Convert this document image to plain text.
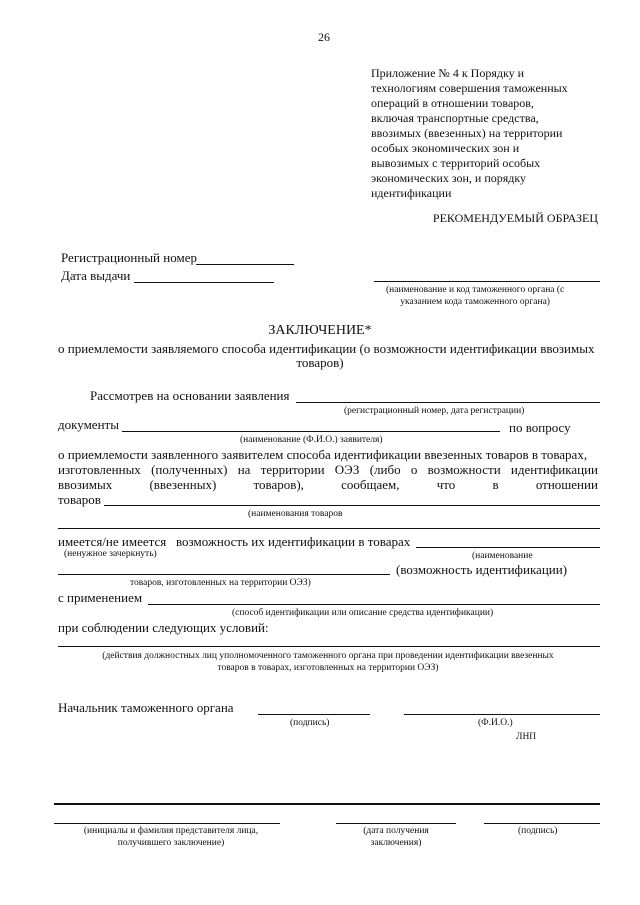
26
Приложение № 4 к Порядку и
технологиям совершения таможенных
операций в отношении товаров,
включая транспортные средства,
ввозимых (ввезенных) на территории
особых экономических зон и
вывозимых с территорий особых
экономических зон, и порядку
идентификации
РЕКОМЕНДУЕМЫЙ ОБРАЗЕЦ
Регистрационный номер
Дата выдачи
(наименование и код таможенного органа (с
указанием кода таможенного органа)
ЗАКЛЮЧЕНИЕ*
о приемлемости заявляемого способа идентификации (о возможности идентификации ввозимых
товаров)
Рассмотрев на основании заявления
(регистрационный номер, дата регистрации)
документы	по вопросу
(наименование (Ф.И.О.) заявителя)
о приемлемости заявленного заявителем способа идентификации ввезенных товаров в товарах,
изготовленных (полученных) на территории ОЭЗ (либо о возможности идентификации
ввозимых	(ввезенных)	товаров),	сообщаем,	что	в	отношении
товаров
(наименования товаров
имеется/не имеется возможность их идентификации в товарах
(ненужное зачеркнуть)	(наименование
(возможность идентификации)
товаров, изготовленных на территории ОЭЗ)
с применением
(способ идентификации или описание средства идентификации)
при соблюдении следующих условий:
(действия должностных лиц уполномоченного таможенного органа при проведении идентификации ввезенных
товаров в товарах, изготовленных на территории ОЭЗ)
Начальник таможенного органа
(подпись)	(Ф.И.О.)
ЛНП
(инициалы и фамилия представителя лица,
получившего заключение)
(дата получения
заключения)
(подпись)
